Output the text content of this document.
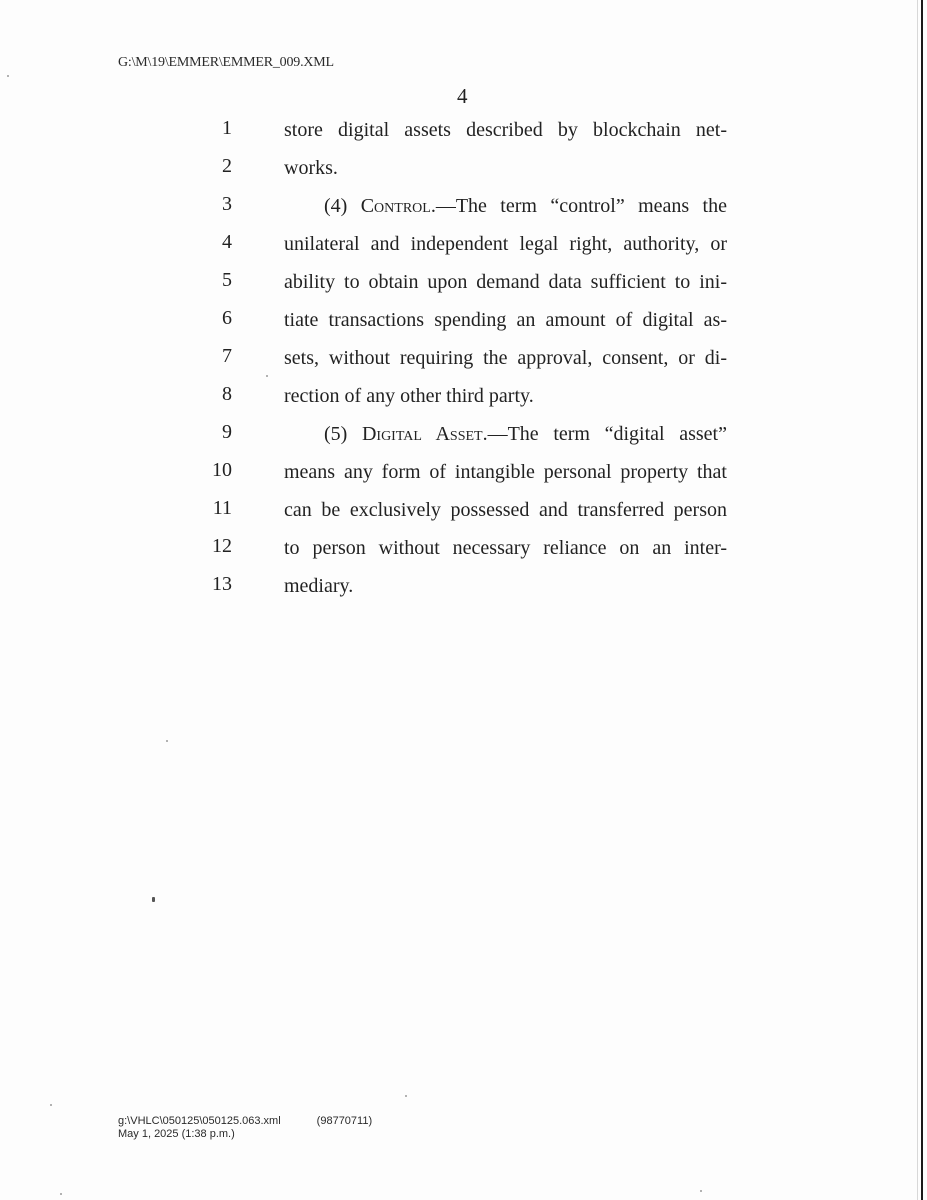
G:\M\19\EMMER\EMMER_009.XML
4
1	store digital assets described by blockchain net-
2	works.
3	(4) Control.—The term “control” means the
4	unilateral and independent legal right, authority, or
5	ability to obtain upon demand data sufficient to ini-
6	tiate transactions spending an amount of digital as-
7	sets, without requiring the approval, consent, or di-
8	rection of any other third party.
9	(5) Digital Asset.—The term “digital asset”
10	means any form of intangible personal property that
11	can be exclusively possessed and transferred person
12	to person without necessary reliance on an inter-
13	mediary.
g:\VHLC\050125\050125.063.xml	(98770711)
May 1, 2025 (1:38 p.m.)
